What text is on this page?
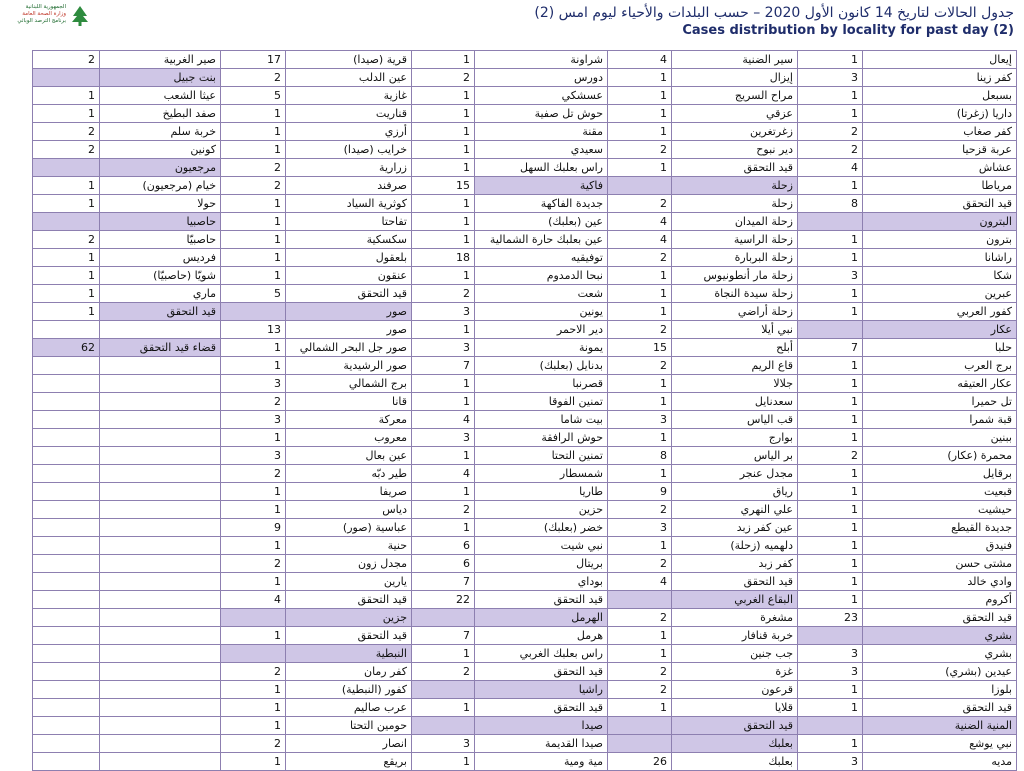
الجمهورية اللبنانية
وزارة الصحة العامة
برنامج الترصد الوبائي	جدول الحالات لتاريخ 14 كانون الأول 2020 – حسب البلدات والأحياء ليوم امس (2)
Cases distribution by locality for past day (2)
2	صير الغربية	17	قرية (صيدا)	1	شراونة	4	سير الضنية	1	إيعال
	بنت جبيل	2	عين الدلب	2	دورس	1	إيزال	3	كفر زينا
1	عيثا الشعب	5	غازية	1	عسشكي	1	مراح السريج	1	بسبعل
1	صفد البطيخ	1	قناريت	1	حوش تل صفية	1	عزقي	1	داريا (زغرتا)
2	خربة سلم	1	أرزي	1	مقنة	1	زغرتغرين	2	كفر صغاب
2	كونين	1	خرايب (صيدا)	1	سعيدي	2	دير نبوح	2	عربة قزحيا
	مرجعيون	2	زرارية	1	راس بعلبك السهل	1	قيد التحقق	4	عشاش
1	خيام (مرجعيون)	2	صرفند	15	فاكية		زحلة	1	مرياطا
1	حولا	1	كوثرية السياد	1	جديدة الفاكهة	2	زحلة	8	قيد التحقق
	حاصبيا	1	تفاحتا	1	عين (بعلبك)	4	زحلة الميدان		البترون
2	حاصبيّا	1	سكسكية	1	عين بعلبك حارة الشمالية	4	زحلة الراسية	1	بترون
1	فرديس	1	بلعقول	18	توفيقيه	2	زحلة البربارة	1	راشانا
1	شويّا (حاصبيّا)	1	عنقون	1	نبحا الدمدوم	1	زحلة مار أنطونيوس	3	شكا
1	ماري	5	قيد التحقق	2	شعت	1	زحلة سيدة النجاة	1	عبرين
1	قيد التحقق		صور	3	يونين	1	زحلة أراضي	1	كفور العربي
		13	صور	1	دير الاحمر	2	نبي أيلا		عكار
62	قضاء قيد التحقق	1	صور جل البحر الشمالي	3	يمونة	15	أبلح	7	حلبا
		1	صور الرشيدية	7	بدنايل (بعلبك)	2	قاع الريم	1	برج العرب
		3	برج الشمالي	1	قصرنبا	1	جلالا	1	عكار العتيقه
		2	قانا	1	تمنين الفوقا	1	سعدنايل	1	تل حميرا
		3	معركة	4	بيت شاما	3	قب الياس	1	قبة شمرا
		1	معروب	3	حوش الرافقة	1	بوارج	1	ببنين
		3	عين بعال	1	تمنين التحتا	8	بر الياس	2	محمرة (عكار)
		2	طير دبّه	4	شمسطار	1	مجدل عنجر	1	برقايل
		1	صريفا	1	طاريا	9	رياق	1	قبعيت
		1	دياس	2	حزين	2	علي النهري	1	حيشيت
		9	عباسية (صور)	1	خضر (بعلبك)	3	عين كفر زبد	1	جديدة القيطع
		1	حنية	6	نبي شيت	1	دلهميه (زحلة)	1	فنيدق
		2	مجدل زون	6	بريتال	2	كفر زبد	1	مشتى حسن
		1	يارين	7	بوداي	4	قيد التحقق	1	وادي خالد
		4	قيد التحقق	22	قيد التحقق		البقاع الغربي	1	أكروم
			جزين		الهرمل	2	مشغرة	23	قيد التحقق
		1	قيد التحقق	7	هرمل	1	خربة قنافار		بشري
			النبطية	1	راس بعلبك الغربي	1	جب جنين	3	بشري
		2	كفر رمان	2	قيد التحقق	2	غزة	3	عيدين (بشري)
		1	كفور (النبطية)		راشيا	2	قرعون	1	بلوزا
		1	عرب صاليم	1	قيد التحقق	1	قلايا	1	قيد التحقق
		1	حومين التحتا		صيدا		قيد التحقق		المنية الضنية
		2	انصار	3	صيدا القديمة		بعلبك	1	نبي يوشع
		1	بريقع	1	مية ومية	26	بعلبك	3	مديه
